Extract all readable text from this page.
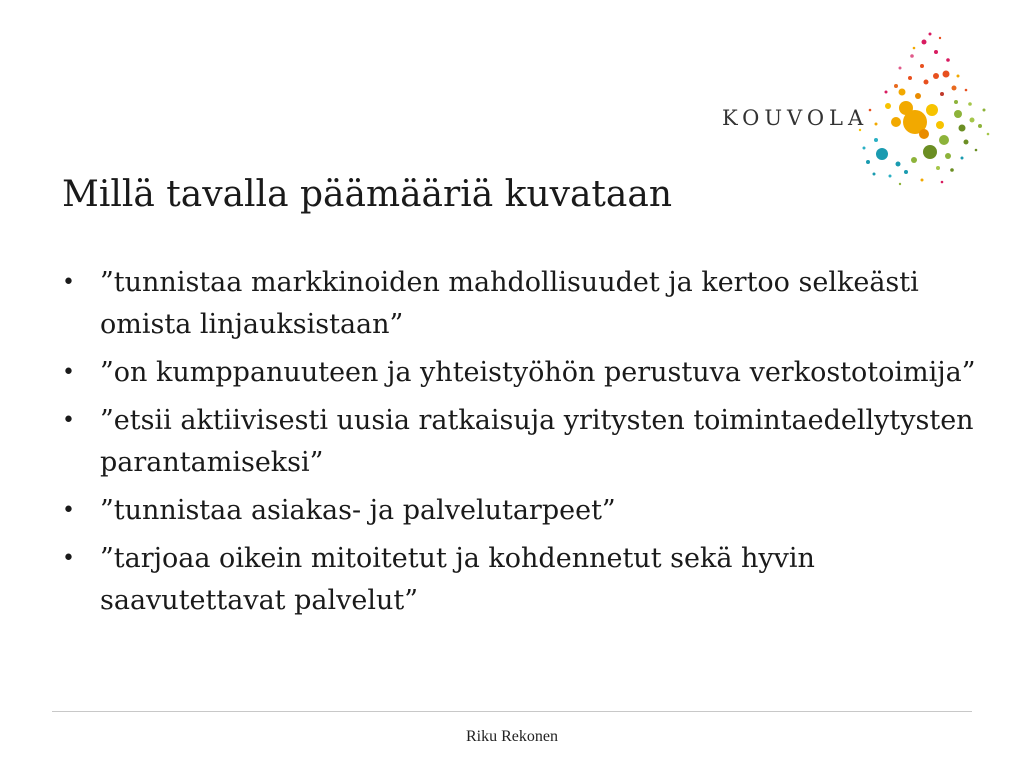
KOUVOLA
Millä tavalla päämääriä kuvataan
• ”tunnistaa markkinoiden mahdollisuudet ja kertoo selkeästi omista linjauksistaan”
• ”on kumppanuuteen ja yhteistyöhön perustuva verkostotoimija”
• ”etsii aktiivisesti uusia ratkaisuja yritysten toimintaedellytysten parantamiseksi”
• ”tunnistaa asiakas- ja palvelutarpeet”
• ”tarjoaa oikein mitoitetut ja kohdennetut sekä hyvin saavutettavat palvelut”
Riku Rekonen
